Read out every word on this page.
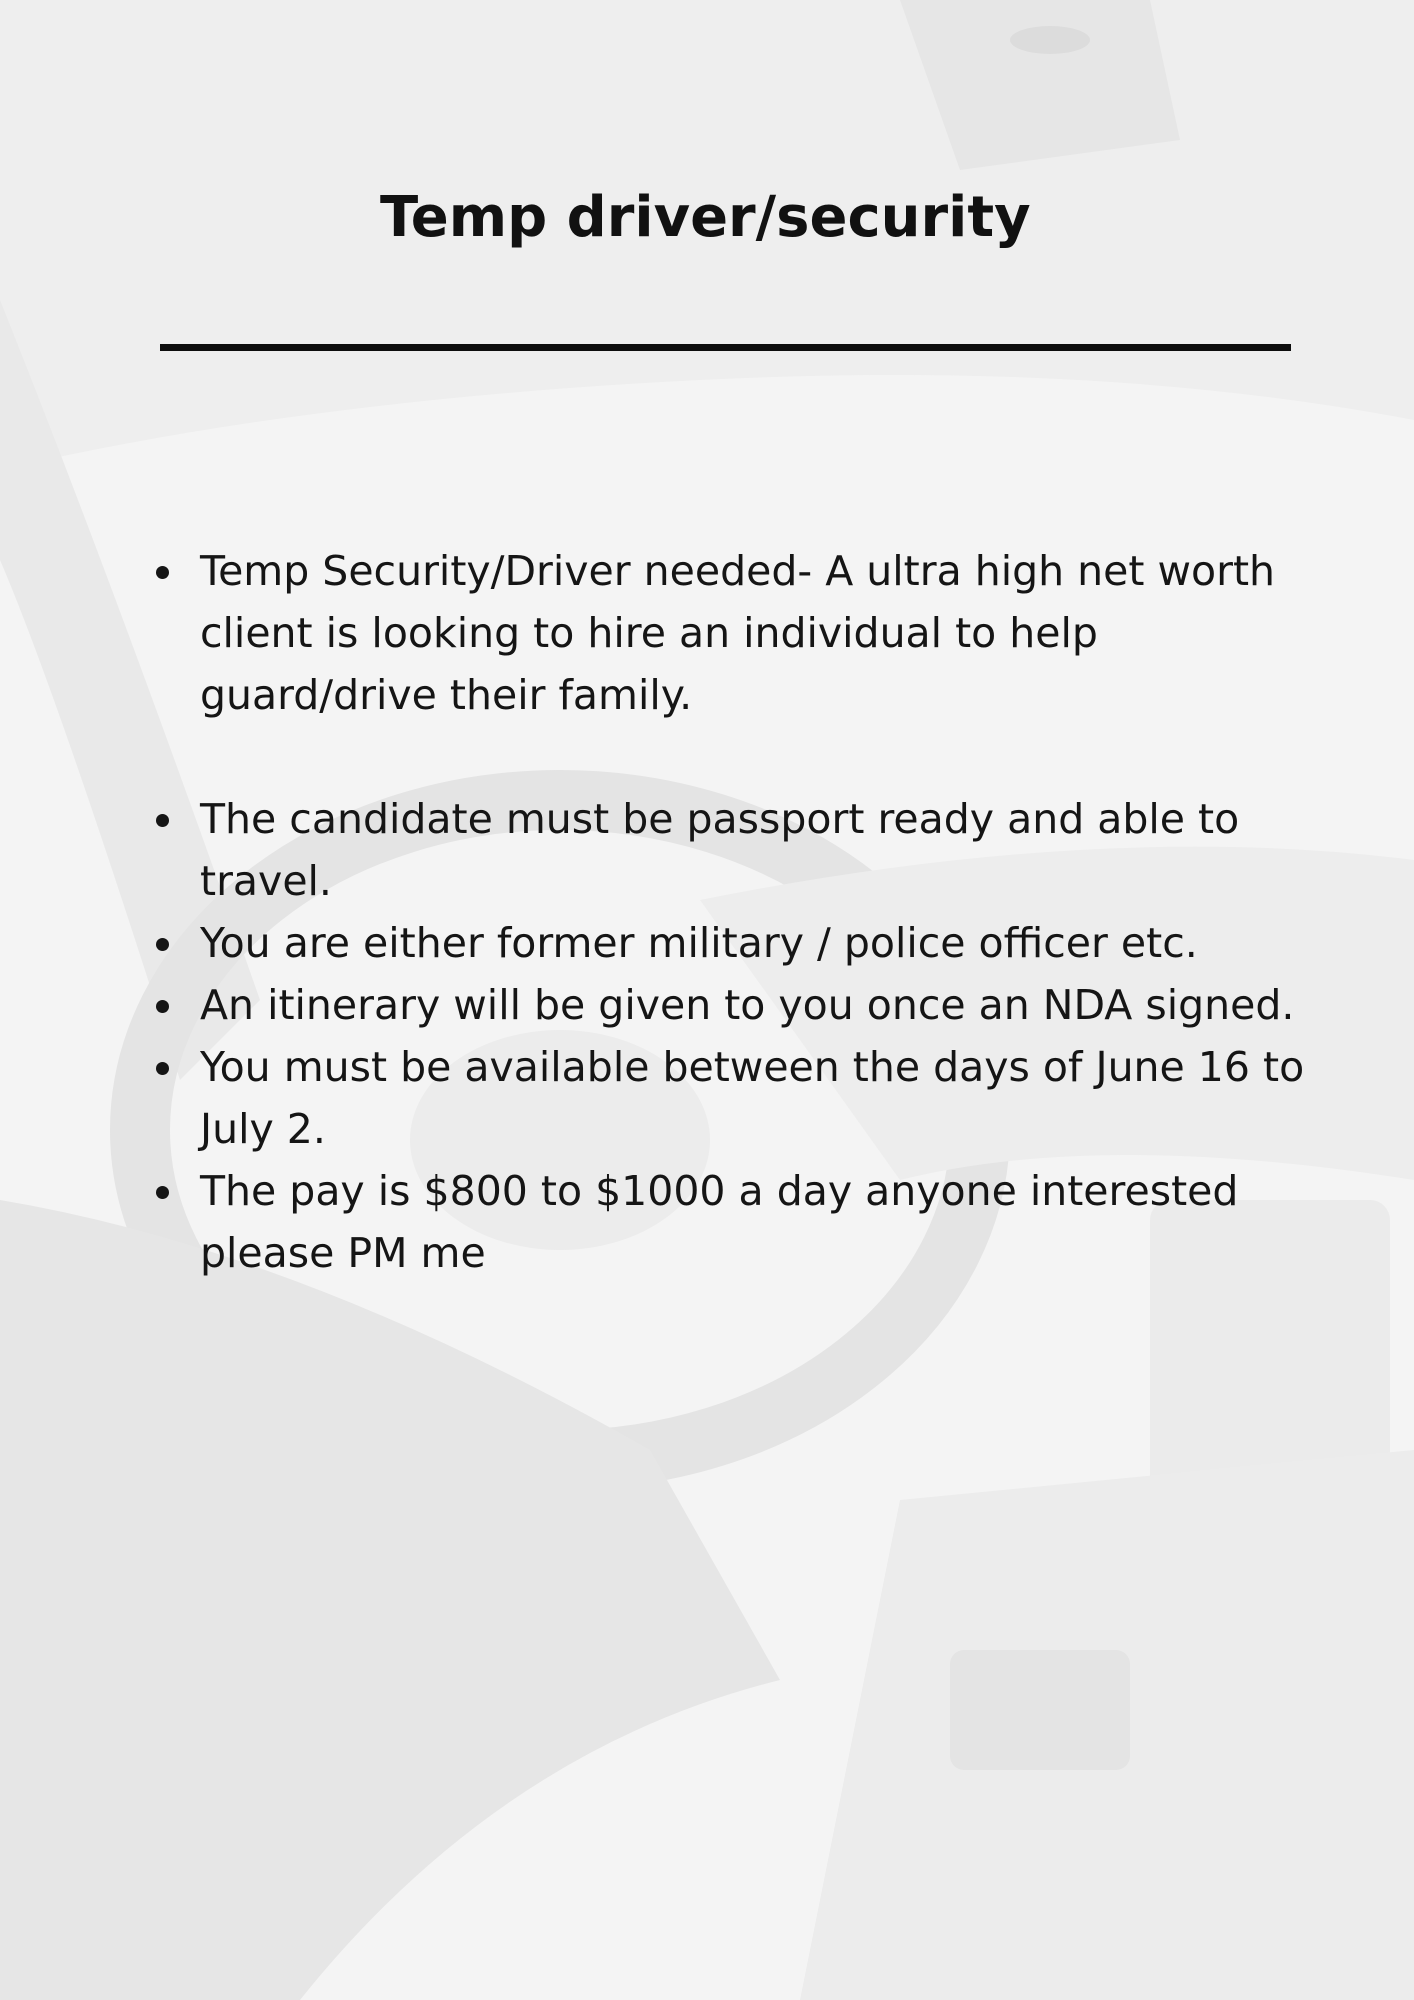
Temp driver/security
Temp Security/Driver needed- A ultra high net worth client is looking to hire an individual to help guard/drive their family.
The candidate must be passport ready and able to travel.
You are either former military / police officer etc.
An itinerary will be given to you once an NDA signed.
You must be available between the days of June 16 to July 2.
The pay is $800 to $1000 a day anyone interested please PM me
